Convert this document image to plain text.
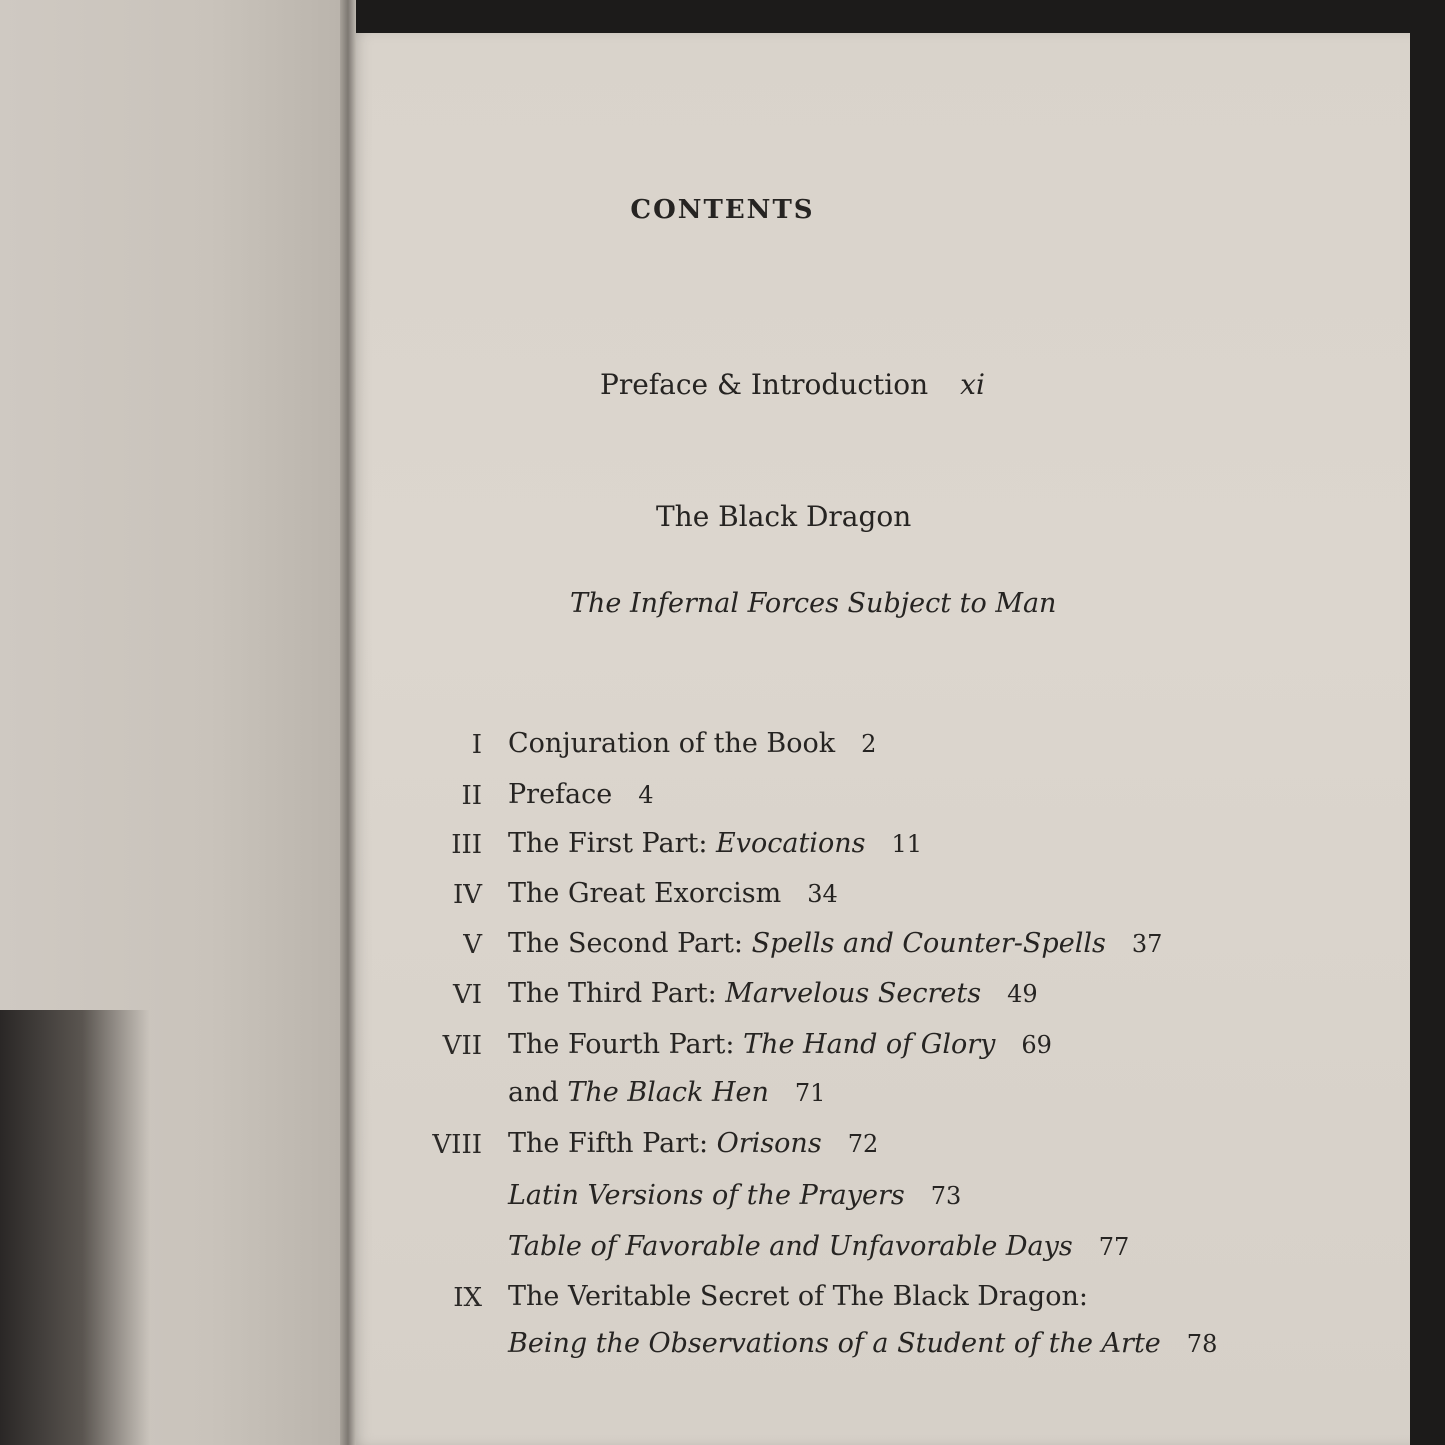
CONTENTS
Preface & Introduction xi
The Black Dragon
The Infernal Forces Subject to Man
I Conjuration of the Book 2
II Preface 4
III The First Part: Evocations 11
IV The Great Exorcism 34
V The Second Part: Spells and Counter-Spells 37
VI The Third Part: Marvelous Secrets 49
VII The Fourth Part: The Hand of Glory 69
and The Black Hen 71
VIII The Fifth Part: Orisons 72
Latin Versions of the Prayers 73
Table of Favorable and Unfavorable Days 77
IX The Veritable Secret of The Black Dragon:
Being the Observations of a Student of the Arte 78
